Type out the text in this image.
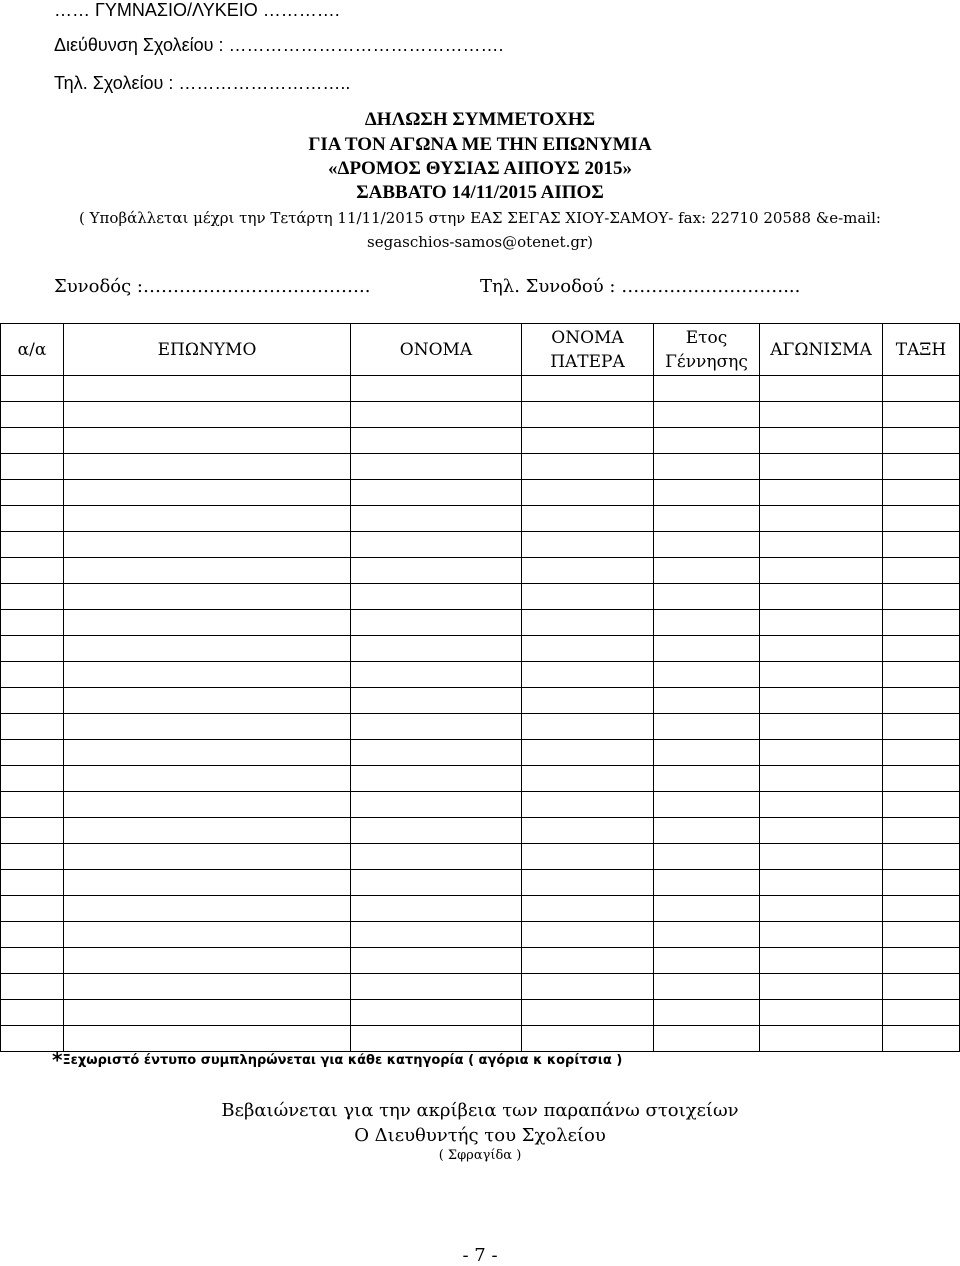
…… ΓΥΜΝΑΣΙΟ/ΛΥΚΕΙΟ ………….
Διεύθυνση Σχολείου : ……………………………………….
Τηλ. Σχολείου : ………………………..
ΔΗΛΩΣΗ ΣΥΜΜΕΤΟΧΗΣ
ΓΙΑ ΤΟΝ ΑΓΩΝΑ ΜΕ ΤΗΝ ΕΠΩΝΥΜΙΑ
«ΔΡΟΜΟΣ ΘΥΣΙΑΣ ΑΙΠΟΥΣ 2015»
ΣΑΒΒΑΤΟ 14/11/2015 ΑΙΠΟΣ
( Υποβάλλεται μέχρι την Τετάρτη 11/11/2015 στην ΕΑΣ ΣΕΓΑΣ ΧΙΟΥ-ΣΑΜΟΥ- fax: 22710 20588 &e-mail:
segaschios-samos@otenet.gr)
Συνοδός :………………………………..	Τηλ. Συνοδού : ………………………...
α/α	ΕΠΩΝΥΜΟ	ΟΝΟΜΑ	ΟΝΟΜΑ ΠΑΤΕΡΑ	Ετος Γέννησης	ΑΓΩΝΙΣΜΑ	ΤΑΞΗ

*Ξεχωριστό έντυπο συμπληρώνεται για κάθε κατηγορία ( αγόρια κ κορίτσια )
Βεβαιώνεται για την ακρίβεια των παραπάνω στοιχείων
Ο Διευθυντής του Σχολείου
( Σφραγίδα )
- 7 -
